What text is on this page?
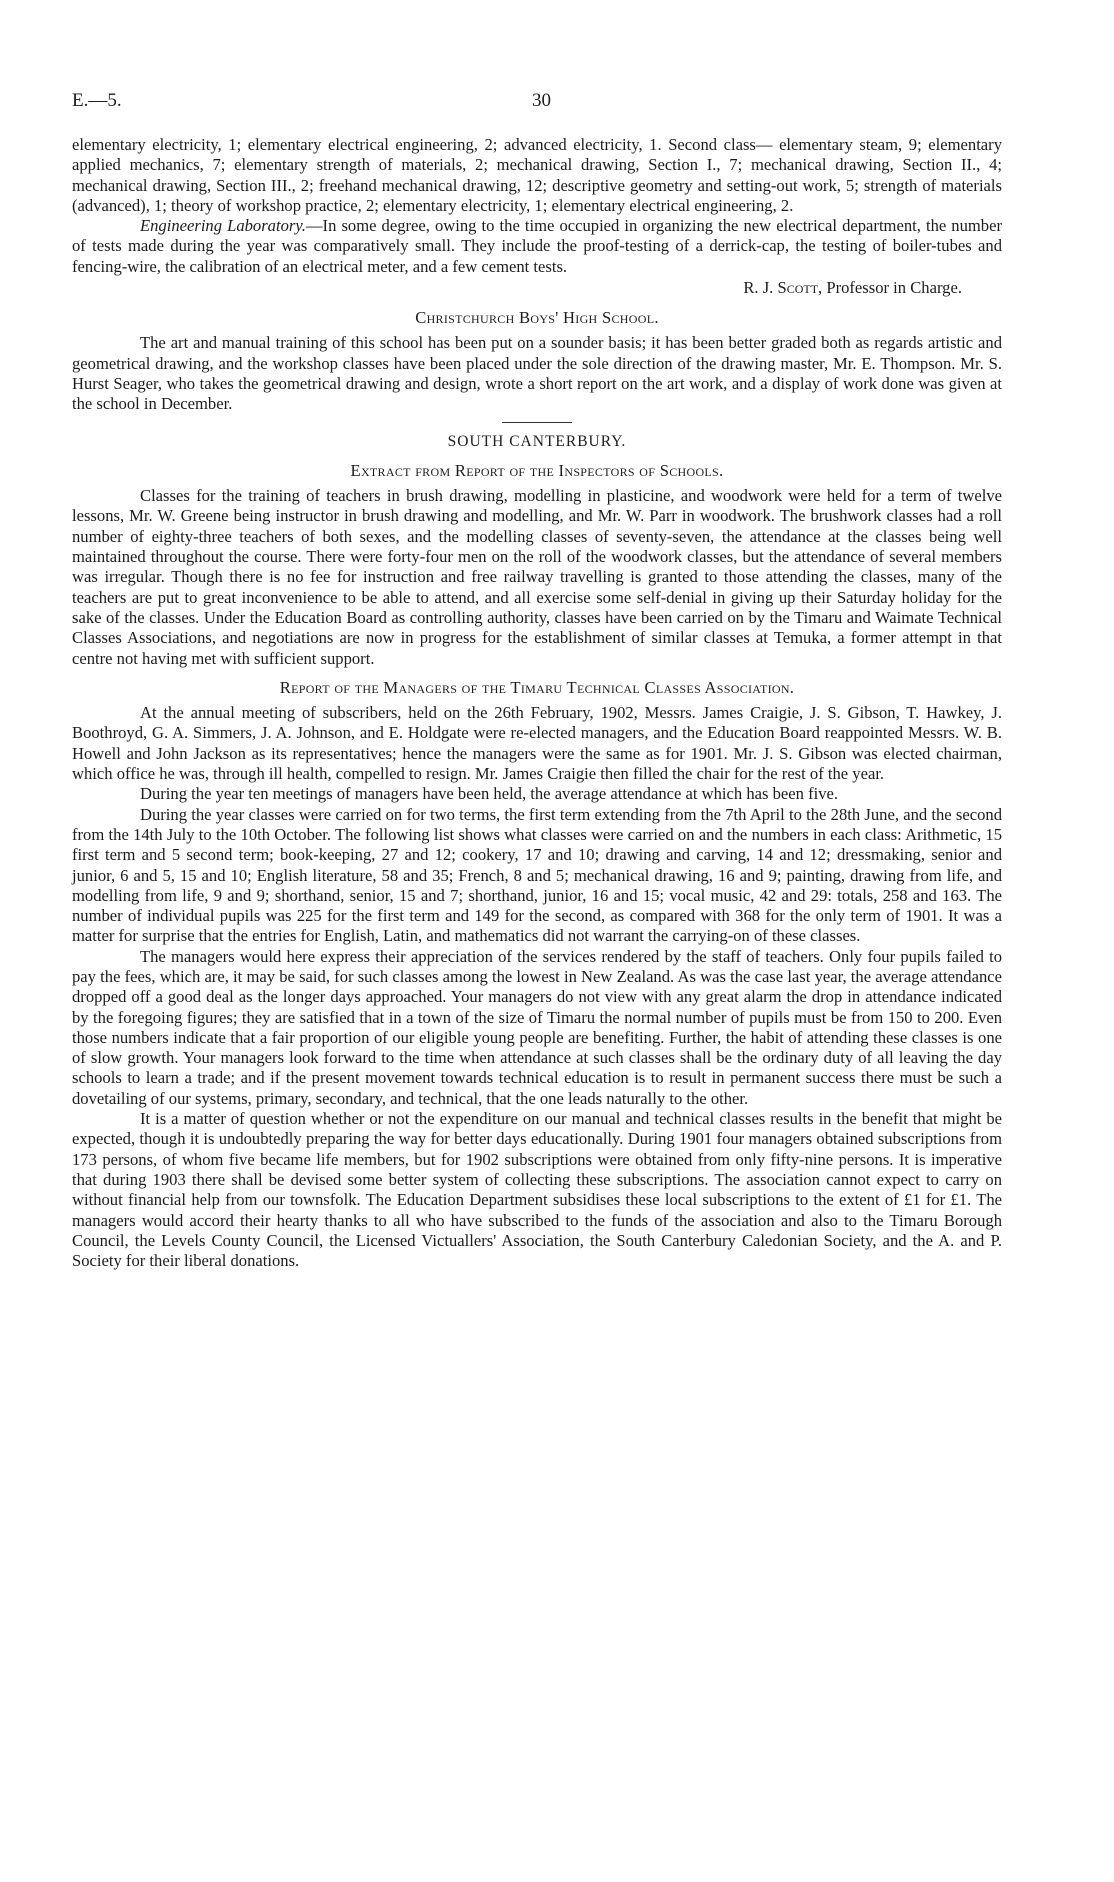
E.—5.	30

elementary electricity, 1; elementary electrical engineering, 2; advanced electricity, 1. Second class— elementary steam, 9; elementary applied mechanics, 7; elementary strength of materials, 2; mechanical drawing, Section I., 7; mechanical drawing, Section II., 4; mechanical drawing, Section III., 2; freehand mechanical drawing, 12; descriptive geometry and setting-out work, 5; strength of materials (advanced), 1; theory of workshop practice, 2; elementary electricity, 1; elementary electrical engineering, 2.

Engineering Laboratory.—In some degree, owing to the time occupied in organizing the new electrical department, the number of tests made during the year was comparatively small. They include the proof-testing of a derrick-cap, the testing of boiler-tubes and fencing-wire, the calibration of an electrical meter, and a few cement tests.

R. J. Scott, Professor in Charge.
Christchurch Boys' High School.

The art and manual training of this school has been put on a sounder basis; it has been better graded both as regards artistic and geometrical drawing, and the workshop classes have been placed under the sole direction of the drawing master, Mr. E. Thompson. Mr. S. Hurst Seager, who takes the geometrical drawing and design, wrote a short report on the art work, and a display of work done was given at the school in December.

SOUTH CANTERBURY.
Extract from Report of the Inspectors of Schools.

Classes for the training of teachers in brush drawing, modelling in plasticine, and woodwork were held for a term of twelve lessons, Mr. W. Greene being instructor in brush drawing and modelling, and Mr. W. Parr in woodwork. The brushwork classes had a roll number of eighty-three teachers of both sexes, and the modelling classes of seventy-seven, the attendance at the classes being well maintained throughout the course. There were forty-four men on the roll of the woodwork classes, but the attendance of several members was irregular. Though there is no fee for instruction and free railway travelling is granted to those attending the classes, many of the teachers are put to great inconvenience to be able to attend, and all exercise some self-denial in giving up their Saturday holiday for the sake of the classes. Under the Education Board as controlling authority, classes have been carried on by the Timaru and Waimate Technical Classes Associations, and negotiations are now in progress for the establishment of similar classes at Temuka, a former attempt in that centre not having met with sufficient support.

Report of the Managers of the Timaru Technical Classes Association.

At the annual meeting of subscribers, held on the 26th February, 1902, Messrs. James Craigie, J. S. Gibson, T. Hawkey, J. Boothroyd, G. A. Simmers, J. A. Johnson, and E. Holdgate were re-elected managers, and the Education Board reappointed Messrs. W. B. Howell and John Jackson as its representatives; hence the managers were the same as for 1901. Mr. J. S. Gibson was elected chairman, which office he was, through ill health, compelled to resign. Mr. James Craigie then filled the chair for the rest of the year.

During the year ten meetings of managers have been held, the average attendance at which has been five.

During the year classes were carried on for two terms, the first term extending from the 7th April to the 28th June, and the second from the 14th July to the 10th October. The following list shows what classes were carried on and the numbers in each class: Arithmetic, 15 first term and 5 second term; book-keeping, 27 and 12; cookery, 17 and 10; drawing and carving, 14 and 12; dressmaking, senior and junior, 6 and 5, 15 and 10; English literature, 58 and 35; French, 8 and 5; mechanical drawing, 16 and 9; painting, drawing from life, and modelling from life, 9 and 9; shorthand, senior, 15 and 7; shorthand, junior, 16 and 15; vocal music, 42 and 29: totals, 258 and 163. The number of individual pupils was 225 for the first term and 149 for the second, as compared with 368 for the only term of 1901. It was a matter for surprise that the entries for English, Latin, and mathematics did not warrant the carrying-on of these classes.

The managers would here express their appreciation of the services rendered by the staff of teachers. Only four pupils failed to pay the fees, which are, it may be said, for such classes among the lowest in New Zealand. As was the case last year, the average attendance dropped off a good deal as the longer days approached. Your managers do not view with any great alarm the drop in attendance indicated by the foregoing figures; they are satisfied that in a town of the size of Timaru the normal number of pupils must be from 150 to 200. Even those numbers indicate that a fair proportion of our eligible young people are benefiting. Further, the habit of attending these classes is one of slow growth. Your managers look forward to the time when attendance at such classes shall be the ordinary duty of all leaving the day schools to learn a trade; and if the present movement towards technical education is to result in permanent success there must be such a dovetailing of our systems, primary, secondary, and technical, that the one leads naturally to the other.

It is a matter of question whether or not the expenditure on our manual and technical classes results in the benefit that might be expected, though it is undoubtedly preparing the way for better days educationally. During 1901 four managers obtained subscriptions from 173 persons, of whom five became life members, but for 1902 subscriptions were obtained from only fifty-nine persons. It is imperative that during 1903 there shall be devised some better system of collecting these subscriptions. The association cannot expect to carry on without financial help from our townsfolk. The Education Department subsidises these local subscriptions to the extent of £1 for £1. The managers would accord their hearty thanks to all who have subscribed to the funds of the association and also to the Timaru Borough Council, the Levels County Council, the Licensed Victuallers' Association, the South Canterbury Caledonian Society, and the A. and P. Society for their liberal donations.
